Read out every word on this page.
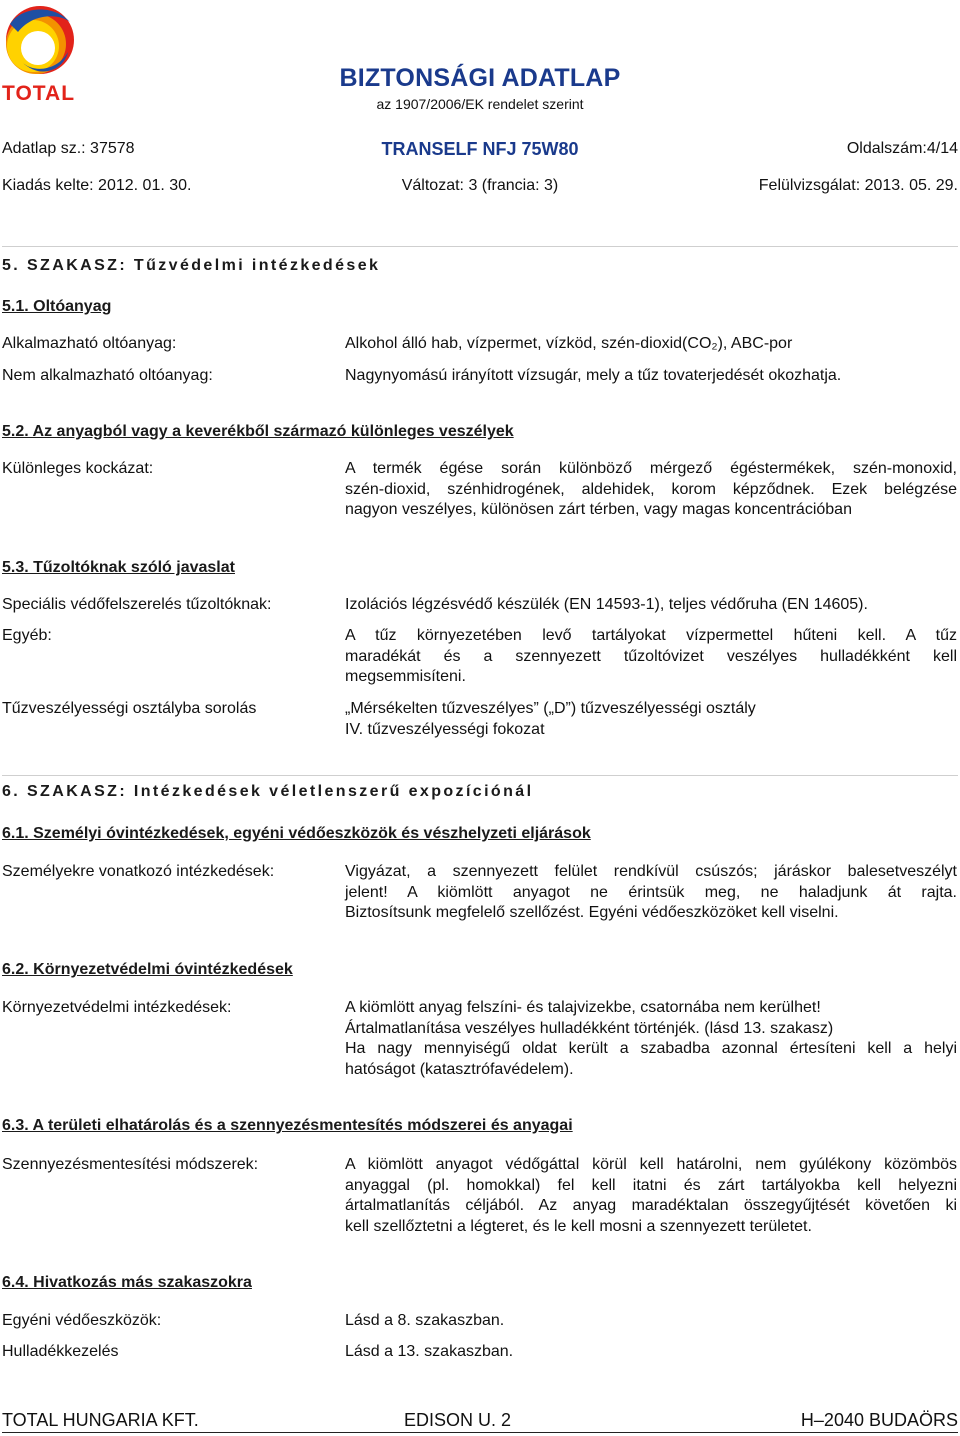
TOTAL
BIZTONSÁGI ADATLAP
az 1907/2006/EK rendelet szerint
Adatlap sz.: 37578	TRANSELF NFJ 75W80	Oldalszám:4/14
Kiadás kelte: 2012. 01. 30.	Változat: 3 (francia: 3)	Felülvizsgálat: 2013. 05. 29.
5. SZAKASZ: Tűzvédelmi intézkedések
5.1. Oltóanyag
Alkalmazható oltóanyag:	Alkohol álló hab, vízpermet, vízköd, szén-dioxid(CO₂), ABC-por
Nem alkalmazható oltóanyag:	Nagynyomású irányított vízsugár, mely a tűz tovaterjedését okozhatja.
5.2. Az anyagból vagy a keverékből származó különleges veszélyek
Különleges kockázat:	A termék égése során különböző mérgező égéstermékek, szén-monoxid,
szén-dioxid, szénhidrogének, aldehidek, korom képződnek. Ezek belégzése
nagyon veszélyes, különösen zárt térben, vagy magas koncentrációban
5.3. Tűzoltóknak szóló javaslat
Speciális védőfelszerelés tűzoltóknak:	Izolációs légzésvédő készülék (EN 14593-1), teljes védőruha (EN 14605).
Egyéb:	A tűz környezetében levő tartályokat vízpermettel hűteni kell. A tűz
maradékát és a szennyezett tűzoltóvizet veszélyes hulladékként kell
megsemmisíteni.
Tűzveszélyességi osztályba sorolás	„Mérsékelten tűzveszélyes” („D”) tűzveszélyességi osztály
IV. tűzveszélyességi fokozat
6. SZAKASZ: Intézkedések véletlenszerű expozíciónál
6.1. Személyi óvintézkedések, egyéni védőeszközök és vészhelyzeti eljárások
Személyekre vonatkozó intézkedések:	Vigyázat, a szennyezett felület rendkívül csúszós; járáskor balesetveszélyt
jelent! A kiömlött anyagot ne érintsük meg, ne haladjunk át rajta.
Biztosítsunk megfelelő szellőzést. Egyéni védőeszközöket kell viselni.
6.2. Környezetvédelmi óvintézkedések
Környezetvédelmi intézkedések:	A kiömlött anyag felszíni- és talajvizekbe, csatornába nem kerülhet!
Ártalmatlanítása veszélyes hulladékként történjék. (lásd 13. szakasz)
Ha nagy mennyiségű oldat került a szabadba azonnal értesíteni kell a helyi
hatóságot (katasztrófavédelem).
6.3. A területi elhatárolás és a szennyezésmentesítés módszerei és anyagai
Szennyezésmentesítési módszerek:	A kiömlött anyagot védőgáttal körül kell határolni, nem gyúlékony közömbös
anyaggal (pl. homokkal) fel kell itatni és zárt tartályokba kell helyezni
ártalmatlanítás céljából. Az anyag maradéktalan összegyűjtését követően ki
kell szellőztetni a légteret, és le kell mosni a szennyezett területet.
6.4. Hivatkozás más szakaszokra
Egyéni védőeszközök:	Lásd a 8. szakaszban.
Hulladékkezelés	Lásd a 13. szakaszban.
TOTAL HUNGARIA KFT.	EDISON U. 2	H–2040 BUDAÖRS
